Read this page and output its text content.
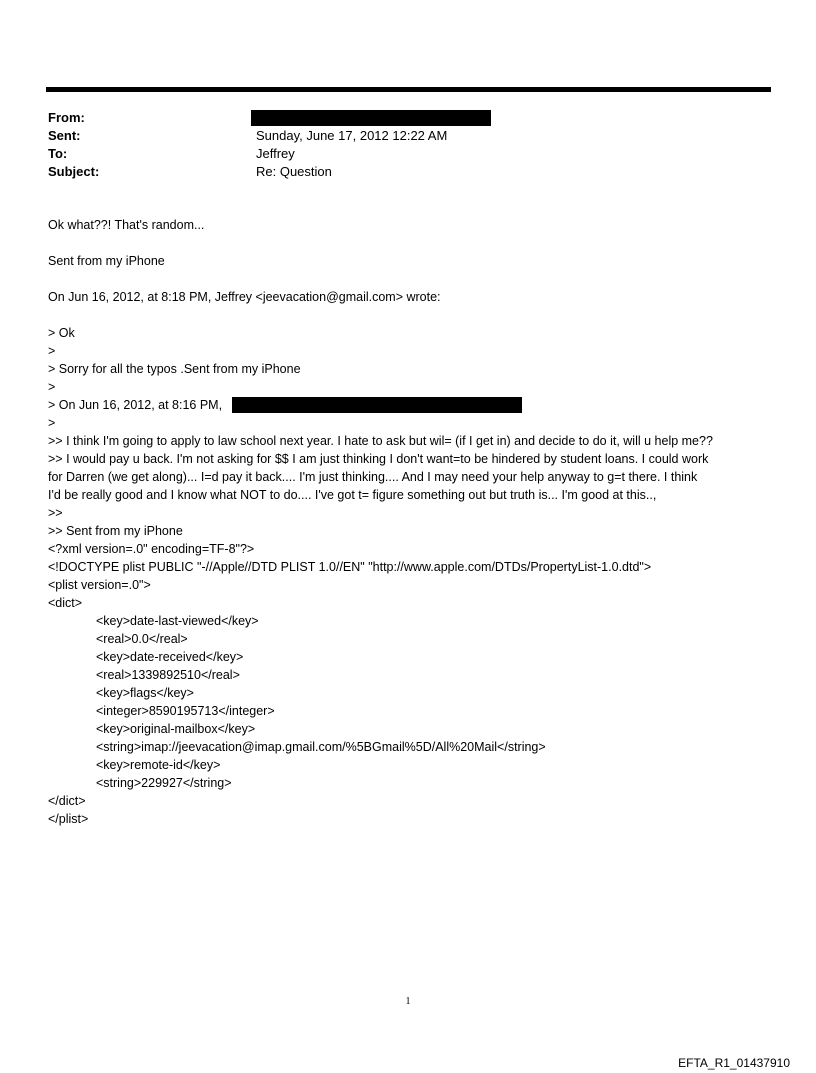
From:
Sent:	Sunday, June 17, 2012 12:22 AM
To:	Jeffrey
Subject:	Re: Question
Ok what??! That's random...
Sent from my iPhone
On Jun 16, 2012, at 8:18 PM, Jeffrey <jeevacation@gmail.com> wrote:
> Ok
>
> Sorry for all the typos .Sent from my iPhone
>
> On Jun 16, 2012, at 8:16 PM,
>
>> I think I'm going to apply to law school next year. I hate to ask but wil= (if I get in) and decide to do it, will u help me??
>> I would pay u back. I'm not asking for $$ I am just thinking I don't want=to be hindered by student loans. I could work
for Darren (we get along)... I=d pay it back.... I'm just thinking.... And I may need your help anyway to g=t there. I think
I'd be really good and I know what NOT to do.... I've got t= figure something out but truth is... I'm good at this..,
>>
>> Sent from my iPhone
<?xml version=.0" encoding=TF-8"?>
<!DOCTYPE plist PUBLIC "-//Apple//DTD PLIST 1.0//EN" "http://www.apple.com/DTDs/PropertyList-1.0.dtd">
<plist version=.0">
<dict>
<key>date-last-viewed</key>
<real>0.0</real>
<key>date-received</key>
<real>1339892510</real>
<key>flags</key>
<integer>8590195713</integer>
<key>original-mailbox</key>
<string>imap://jeevacation@imap.gmail.com/%5BGmail%5D/All%20Mail</string>
<key>remote-id</key>
<string>229927</string>
</dict>
</plist>
1
EFTA_R1_01437910
